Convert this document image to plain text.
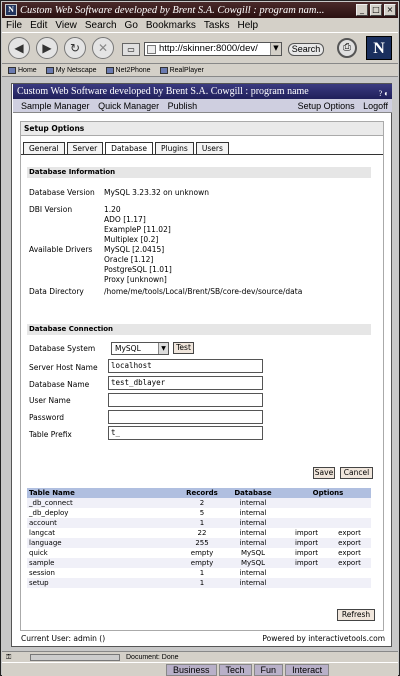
N Custom Web Software developed by Brent S.A. Cowgill : program nam...	_	□ ×
File Edit View Search Go Bookmarks Tasks Help
◀	▶	↻	✕	▭	http://skinner:8000/dev/	▼	Search	⎙	N
Home	My Netscape	Net2Phone	RealPlayer
Custom Web Software developed by Brent S.A. Cowgill : program name	? ◐
Sample Manager Quick Manager Publish	Setup Options Logoff
Setup Options
General	Server	Database	Plugins	Users
Database Information
Database Version MySQL 3.23.32 on unknown
DBI Version	1.20
ADO [1.17]
ExampleP [11.02]
Multiplex [0.2]
Available Drivers MySQL [2.0415]
Oracle [1.12]
PostgreSQL [1.01]
Proxy [unknown]
Data Directory	/home/me/tools/Local/Brent/SB/core-dev/source/data
Database Connection
Database System	MySQL	▼	Test
Server Host Name	localhost
Database Name	test_dblayer
User Name
Password
Table Prefix	t_
Save	Cancel
Table Name	Records	Database	Options
_db_connect	2	internal
_db_deploy	5	internal
account	1	internal
langcat	22	internal	import	export
language	255	internal	import	export
quick	empty	MySQL	import	export
sample	empty	MySQL	import	export
session	1	internal
setup	1	internal
Refresh
Current User: admin ()	Powered by interactivetools.com
⚿	Document: Done
Business	Tech	Fun	Interact
